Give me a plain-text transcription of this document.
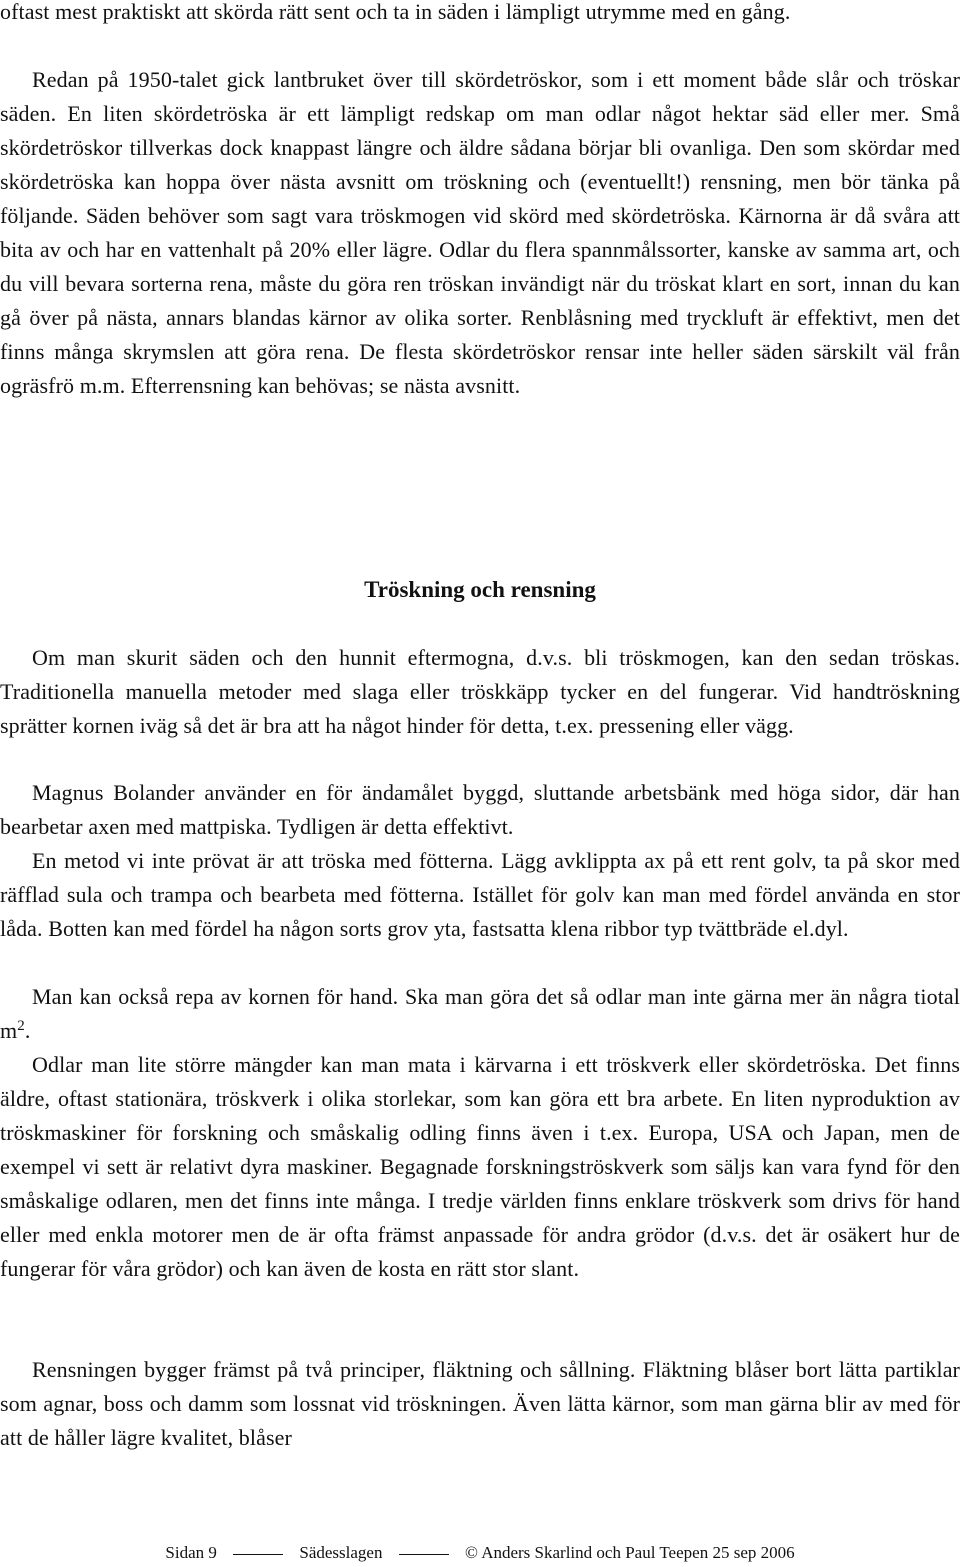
oftast mest praktiskt att skörda rätt sent och ta in säden i lämpligt utrymme med en gång.

Redan på 1950-talet gick lantbruket över till skördetröskor, som i ett moment både slår och tröskar säden. En liten skördetröska är ett lämpligt redskap om man odlar något hektar säd eller mer. Små skördetröskor tillverkas dock knappast längre och äldre sådana börjar bli ovanliga. Den som skördar med skördetröska kan hoppa över nästa avsnitt om tröskning och (eventuellt!) rensning, men bör tänka på följande. Säden behöver som sagt vara tröskmogen vid skörd med skördetröska. Kärnorna är då svåra att bita av och har en vattenhalt på 20% eller lägre. Odlar du flera spannmålssorter, kanske av samma art, och du vill bevara sorterna rena, måste du göra ren tröskan invändigt när du tröskat klart en sort, innan du kan gå över på nästa, annars blandas kärnor av olika sorter. Renblåsning med tryckluft är effektivt, men det finns många skrymslen att göra rena. De flesta skördetröskor rensar inte heller säden särskilt väl från ogräsfrö m.m. Efterrensning kan behövas; se nästa avsnitt.

Tröskning och rensning

Om man skurit säden och den hunnit eftermogna, d.v.s. bli tröskmogen, kan den sedan tröskas. Traditionella manuella metoder med slaga eller tröskkäpp tycker en del fungerar. Vid handtröskning sprätter kornen iväg så det är bra att ha något hinder för detta, t.ex. pressening eller vägg.

Magnus Bolander använder en för ändamålet byggd, sluttande arbetsbänk med höga sidor, där han bearbetar axen med mattpiska. Tydligen är detta effektivt.

En metod vi inte prövat är att tröska med fötterna. Lägg avklippta ax på ett rent golv, ta på skor med räfflad sula och trampa och bearbeta med fötterna. Istället för golv kan man med fördel använda en stor låda. Botten kan med fördel ha någon sorts grov yta, fastsatta klena ribbor typ tvättbräde el.dyl.

Man kan också repa av kornen för hand. Ska man göra det så odlar man inte gärna mer än några tiotal $m^2$.

Odlar man lite större mängder kan man mata i kärvarna i ett tröskverk eller skördetröska. Det finns äldre, oftast stationära, tröskverk i olika storlekar, som kan göra ett bra arbete. En liten nyproduktion av tröskmaskiner för forskning och småskalig odling finns även i t.ex. Europa, USA och Japan, men de exempel vi sett är relativt dyra maskiner. Begagnade forskningströskverk som säljs kan vara fynd för den småskalige odlaren, men det finns inte många. I tredje världen finns enklare tröskverk som drivs för hand eller med enkla motorer men de är ofta främst anpassade för andra grödor (d.v.s. det är osäkert hur de fungerar för våra grödor) och kan även de kosta en rätt stor slant.

Rensningen bygger främst på två principer, fläktning och sållning. Fläktning blåser bort lätta partiklar som agnar, boss och damm som lossnat vid tröskningen. Även lätta kärnor, som man gärna blir av med för att de håller lägre kvalitet, blåser

Sidan 9	Sädesslagen	© Anders Skarlind och Paul Teepen 25 sep 2006
